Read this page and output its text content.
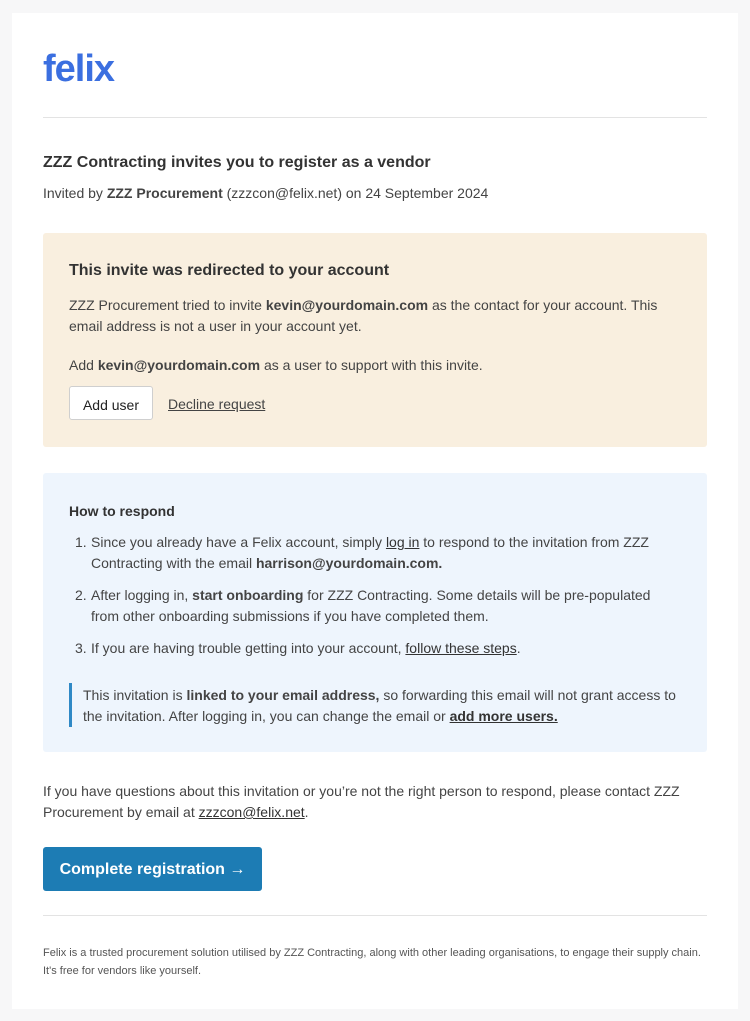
felix
ZZZ Contracting invites you to register as a vendor
Invited by ZZZ Procurement (zzzcon@felix.net) on 24 September 2024
This invite was redirected to your account
ZZZ Procurement tried to invite kevin@yourdomain.com as the contact for your account. This email address is not a user in your account yet.
Add kevin@yourdomain.com as a user to support with this invite.
Add user	Decline request
How to respond
1. Since you already have a Felix account, simply log in to respond to the invitation from ZZZ Contracting with the email harrison@yourdomain.com.
2. After logging in, start onboarding for ZZZ Contracting. Some details will be pre-populated from other onboarding submissions if you have completed them.
3. If you are having trouble getting into your account, follow these steps.
This invitation is linked to your email address, so forwarding this email will not grant access to the invitation. After logging in, you can change the email or add more users.
If you have questions about this invitation or you’re not the right person to respond, please contact ZZZ Procurement by email at zzzcon@felix.net.
Complete registration →
Felix is a trusted procurement solution utilised by ZZZ Contracting, along with other leading organisations, to engage their supply chain. It's free for vendors like yourself.
